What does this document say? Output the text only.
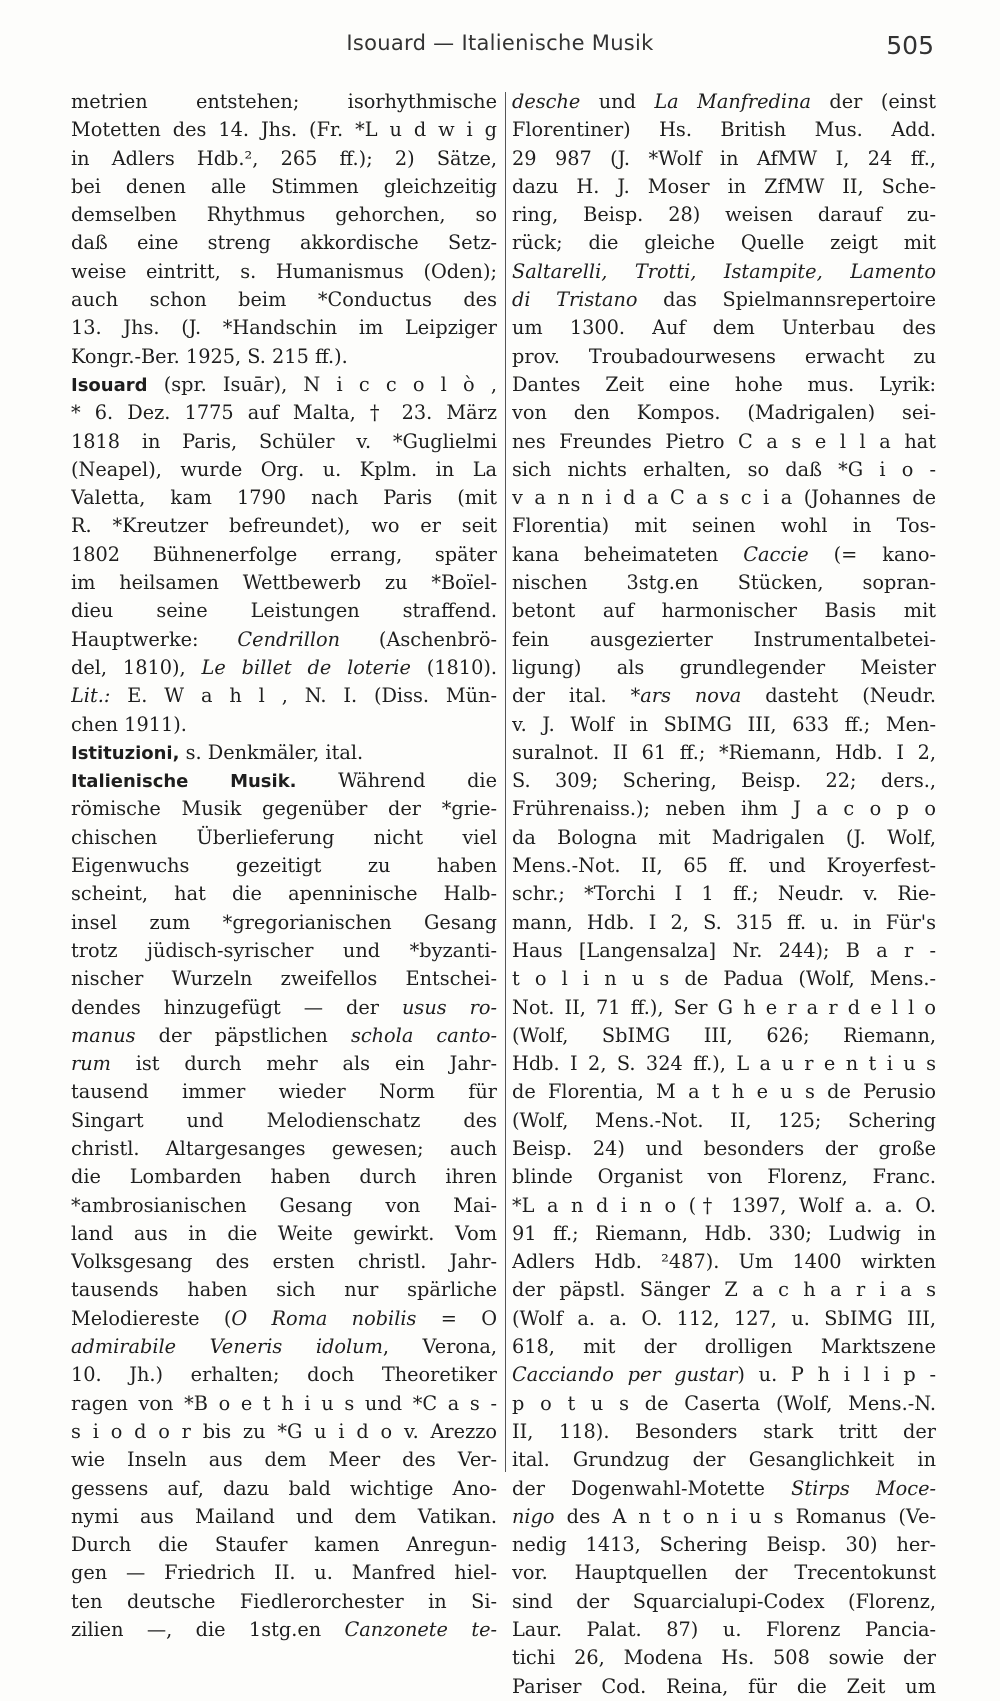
Isouard — Italienische Musik	505
metrien entstehen; isorhythmische
Motetten des 14. Jhs. (Fr. *L u d w i g
in Adlers Hdb.², 265 ff.); 2) Sätze,
bei denen alle Stimmen gleichzeitig
demselben Rhythmus gehorchen, so
daß eine streng akkordische Setz-
weise eintritt, s. Humanismus (Oden);
auch schon beim *Conductus des
13. Jhs. (J. *Handschin im Leipziger
Kongr.-Ber. 1925, S. 215 ff.).
Isouard (spr. Isuār), N i c c o l ò ,
* 6. Dez. 1775 auf Malta, † 23. März
1818 in Paris, Schüler v. *Guglielmi
(Neapel), wurde Org. u. Kplm. in La
Valetta, kam 1790 nach Paris (mit
R. *Kreutzer befreundet), wo er seit
1802 Bühnenerfolge errang, später
im heilsamen Wettbewerb zu *Boïel-
dieu seine Leistungen straffend.
Hauptwerke: Cendrillon (Aschenbrö-
del, 1810), Le billet de loterie (1810).
Lit.: E. W a h l , N. I. (Diss. Mün-
chen 1911).
Istituzioni, s. Denkmäler, ital.
Italienische Musik. Während die
römische Musik gegenüber der *grie-
chischen Überlieferung nicht viel
Eigenwuchs gezeitigt zu haben
scheint, hat die apenninische Halb-
insel zum *gregorianischen Gesang
trotz jüdisch-syrischer und *byzanti-
nischer Wurzeln zweifellos Entschei-
dendes hinzugefügt — der usus ro-
manus der päpstlichen schola canto-
rum ist durch mehr als ein Jahr-
tausend immer wieder Norm für
Singart und Melodienschatz des
christl. Altargesanges gewesen; auch
die Lombarden haben durch ihren
*ambrosianischen Gesang von Mai-
land aus in die Weite gewirkt. Vom
Volksgesang des ersten christl. Jahr-
tausends haben sich nur spärliche
Melodiereste (O Roma nobilis = O
admirabile Veneris idolum, Verona,
10. Jh.) erhalten; doch Theoretiker
ragen von *B o e t h i u s und *C a s -
s i o d o r bis zu *G u i d o v. Arezzo
wie Inseln aus dem Meer des Ver-
gessens auf, dazu bald wichtige Ano-
nymi aus Mailand und dem Vatikan.
Durch die Staufer kamen Anregun-
gen — Friedrich II. u. Manfred hiel-
ten deutsche Fiedlerorchester in Si-
zilien —, die 1stg.en Canzonete te-
desche und La Manfredina der (einst
Florentiner) Hs. British Mus. Add.
29 987 (J. *Wolf in AfMW I, 24 ff.,
dazu H. J. Moser in ZfMW II, Sche-
ring, Beisp. 28) weisen darauf zu-
rück; die gleiche Quelle zeigt mit
Saltarelli, Trotti, Istampite, Lamento
di Tristano das Spielmannsrepertoire
um 1300. Auf dem Unterbau des
prov. Troubadourwesens erwacht zu
Dantes Zeit eine hohe mus. Lyrik:
von den Kompos. (Madrigalen) sei-
nes Freundes Pietro C a s e l l a hat
sich nichts erhalten, so daß *G i o -
v a n n i d a C a s c i a (Johannes de
Florentia) mit seinen wohl in Tos-
kana beheimateten Caccie (= kano-
nischen 3stg.en Stücken, sopran-
betont auf harmonischer Basis mit
fein ausgezierter Instrumentalbetei-
ligung) als grundlegender Meister
der ital. *ars nova dasteht (Neudr.
v. J. Wolf in SbIMG III, 633 ff.; Men-
suralnot. II 61 ff.; *Riemann, Hdb. I 2,
S. 309; Schering, Beisp. 22; ders.,
Frührenaiss.); neben ihm J a c o p o
da Bologna mit Madrigalen (J. Wolf,
Mens.-Not. II, 65 ff. und Kroyerfest-
schr.; *Torchi I 1 ff.; Neudr. v. Rie-
mann, Hdb. I 2, S. 315 ff. u. in Für's
Haus [Langensalza] Nr. 244); B a r -
t o l i n u s de Padua (Wolf, Mens.-
Not. II, 71 ff.), Ser G h e r a r d e l l o
(Wolf, SbIMG III, 626; Riemann,
Hdb. I 2, S. 324 ff.), L a u r e n t i u s
de Florentia, M a t h e u s de Perusio
(Wolf, Mens.-Not. II, 125; Schering
Beisp. 24) und besonders der große
blinde Organist von Florenz, Franc.
*L a n d i n o († 1397, Wolf a. a. O.
91 ff.; Riemann, Hdb. 330; Ludwig in
Adlers Hdb. ²487). Um 1400 wirkten
der päpstl. Sänger Z a c h a r i a s
(Wolf a. a. O. 112, 127, u. SbIMG III,
618, mit der drolligen Marktszene
Cacciando per gustar) u. P h i l i p -
p o t u s de Caserta (Wolf, Mens.-N.
II, 118). Besonders stark tritt der
ital. Grundzug der Gesanglichkeit in
der Dogenwahl-Motette Stirps Moce-
nigo des A n t o n i u s Romanus (Ve-
nedig 1413, Schering Beisp. 30) her-
vor. Hauptquellen der Trecentokunst
sind der Squarcialupi-Codex (Florenz,
Laur. Palat. 87) u. Florenz Pancia-
tichi 26, Modena Hs. 508 sowie der
Pariser Cod. Reina, für die Zeit um
